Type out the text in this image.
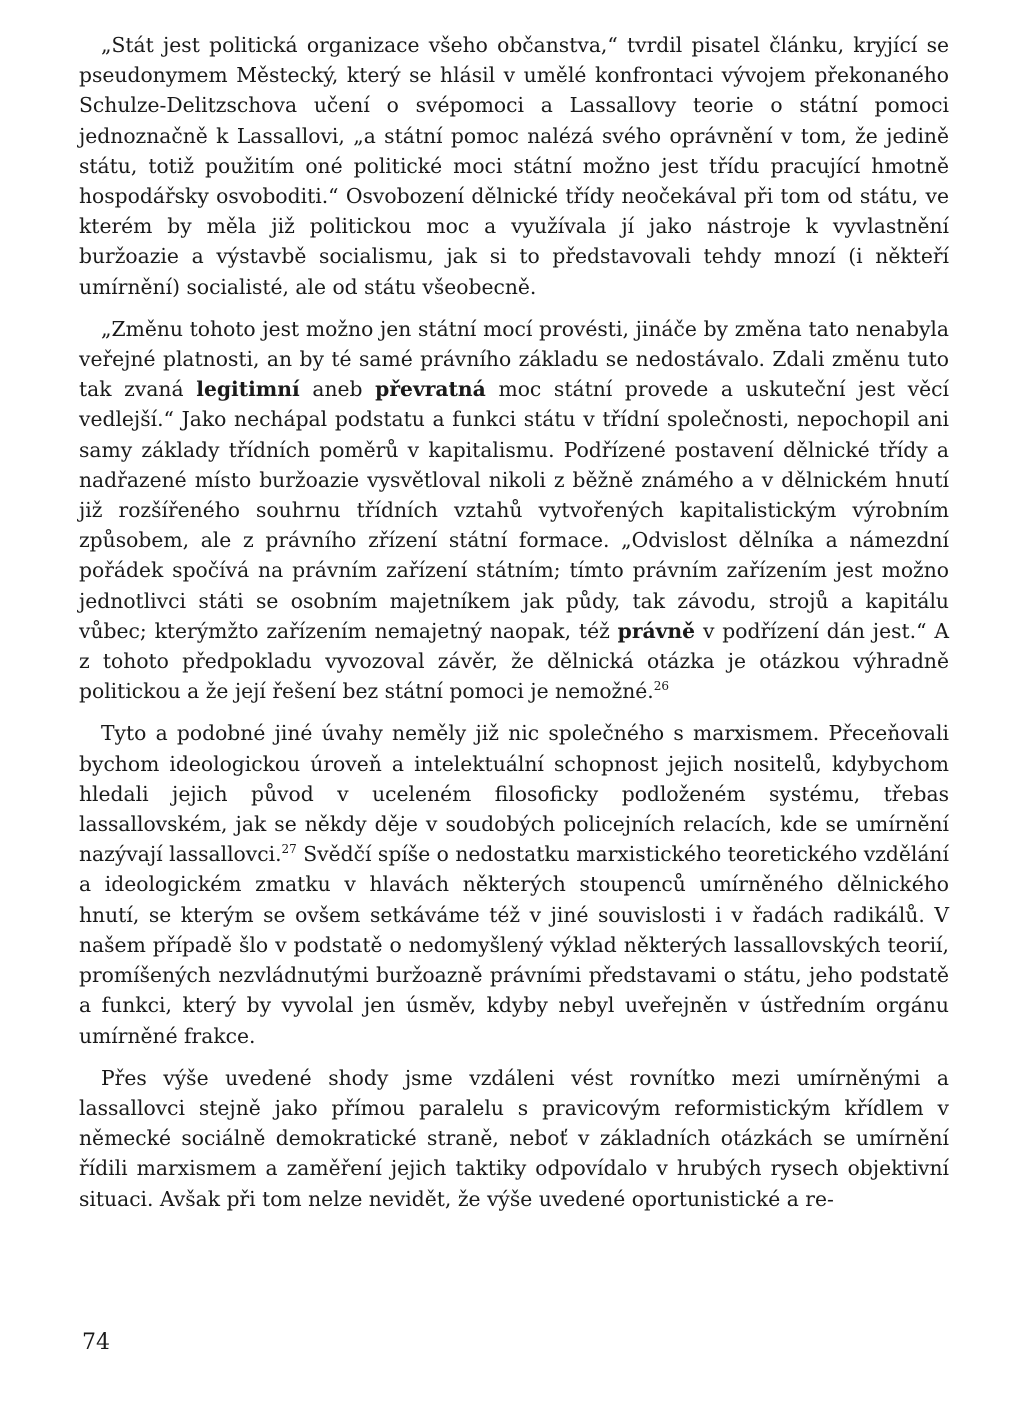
„Stát jest politická organizace všeho občanstva,“ tvrdil pisatel článku, kryjící se pseudonymem Městecký, který se hlásil v umělé konfrontaci vývojem překonaného Schulze-Delitzschova učení o svépomoci a Lassallovy teorie o státní pomoci jednoznačně k Lassallovi, „a státní pomoc nalézá svého oprávnění v tom, že jedině státu, totiž použitím oné politické moci státní možno jest třídu pracující hmotně hospodářsky osvoboditi.“ Osvobození dělnické třídy neočekával při tom od státu, ve kterém by měla již politickou moc a využívala jí jako nástroje k vyvlastnění buržoazie a výstavbě socialismu, jak si to představovali tehdy mnozí (i někteří umírnění) socialisté, ale od státu všeobecně.

„Změnu tohoto jest možno jen státní mocí provésti, jináče by změna tato nenabyla veřejné platnosti, an by té samé právního základu se nedostávalo. Zdali změnu tuto tak zvaná legitimní aneb převratná moc státní provede a uskuteční jest věcí vedlejší.“ Jako nechápal podstatu a funkci státu v třídní společnosti, nepochopil ani samy základy třídních poměrů v kapitalismu. Podřízené postavení dělnické třídy a nadřazené místo buržoazie vysvětloval nikoli z běžně známého a v dělnickém hnutí již rozšířeného souhrnu třídních vztahů vytvořených kapitalistickým výrobním způsobem, ale z právního zřízení státní formace. „Odvislost dělníka a námezdní pořádek spočívá na právním zařízení státním; tímto právním zařízením jest možno jednotlivci státi se osobním majetníkem jak půdy, tak závodu, strojů a kapitálu vůbec; kterýmžto zařízením nemajetný naopak, též právně v podřízení dán jest.“ A z tohoto předpokladu vyvozoval závěr, že dělnická otázka je otázkou výhradně politickou a že její řešení bez státní pomoci je nemožné.$^{26}$

Tyto a podobné jiné úvahy neměly již nic společného s marxismem. Přeceňovali bychom ideologickou úroveň a intelektuální schopnost jejich nositelů, kdybychom hledali jejich původ v uceleném filosoficky podloženém systému, třebas lassallovském, jak se někdy děje v soudobých policejních relacích, kde se umírnění nazývají lassallovci.$^{27}$ Svědčí spíše o nedostatku marxistického teoretického vzdělání a ideologickém zmatku v hlavách některých stoupenců umírněného dělnického hnutí, se kterým se ovšem setkáváme též v jiné souvislosti i v řadách radikálů. V našem případě šlo v podstatě o nedomyšlený výklad některých lassallovských teorií, promíšených nezvládnutými buržoazně právními představami o státu, jeho podstatě a funkci, který by vyvolal jen úsměv, kdyby nebyl uveřejněn v ústředním orgánu umírněné frakce.

Přes výše uvedené shody jsme vzdáleni vést rovnítko mezi umírněnými a lassallovci stejně jako přímou paralelu s pravicovým reformistickým křídlem v německé sociálně demokratické straně, neboť v základních otázkách se umírnění řídili marxismem a zaměření jejich taktiky odpovídalo v hrubých rysech objektivní situaci. Avšak při tom nelze nevidět, že výše uvedené oportunistické a re-

74
